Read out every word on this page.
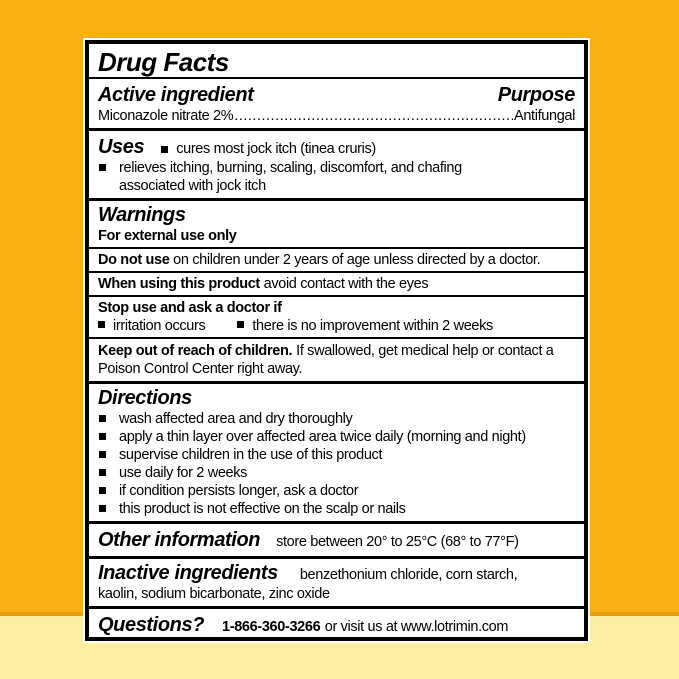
Drug Facts
Active ingredient	Purpose
Miconazole nitrate 2% .....	Antifungal
Uses cures most jock itch (tinea cruris)
relieves itching, burning, scaling, discomfort, and chafing associated with jock itch
Warnings
For external use only
Do not use on children under 2 years of age unless directed by a doctor.
When using this product avoid contact with the eyes
Stop use and ask a doctor if
irritation occurs	there is no improvement within 2 weeks
Keep out of reach of children. If swallowed, get medical help or contact a Poison Control Center right away.
Directions
wash affected area and dry thoroughly
apply a thin layer over affected area twice daily (morning and night)
supervise children in the use of this product
use daily for 2 weeks
if condition persists longer, ask a doctor
this product is not effective on the scalp or nails
Other information store between 20° to 25°C (68° to 77°F)
Inactive ingredients benzethonium chloride, corn starch, kaolin, sodium bicarbonate, zinc oxide
Questions? 1-866-360-3266 or visit us at www.lotrimin.com
